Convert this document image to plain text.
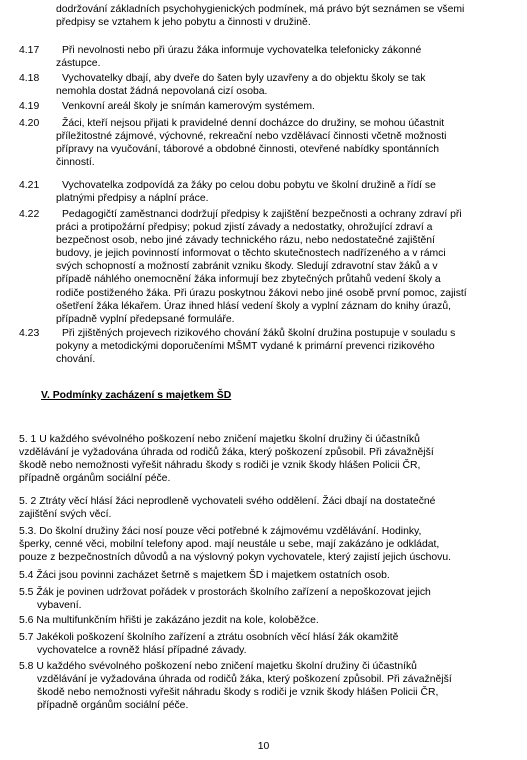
dodržování základních psychohygienických podmínek, má právo být seznámen se všemi
předpisy se vztahem k jeho pobytu a činnosti v družině.
4.17	Při nevolnosti nebo při úrazu žáka informuje vychovatelka telefonicky zákonné
zástupce.
4.18	Vychovatelky dbají, aby dveře do šaten byly uzavřeny a do objektu školy se tak
nemohla dostat žádná nepovolaná cizí osoba.
4.19	Venkovní areál školy je snímán kamerovým systémem.
4.20	Žáci, kteří nejsou přijati k pravidelné denní docházce do družiny, se mohou účastnit
příležitostné zájmové, výchovné, rekreační nebo vzdělávací činnosti včetně možnosti
přípravy na vyučování, táborové a obdobné činnosti, otevřené nabídky spontánních
činností.
4.21	Vychovatelka zodpovídá za žáky po celou dobu pobytu ve školní družině a řídí se
platnými předpisy a náplní práce.
4.22	Pedagogičtí zaměstnanci dodržují předpisy k zajištění bezpečnosti a ochrany zdraví při
práci a protipožární předpisy; pokud zjistí závady a nedostatky, ohrožující zdraví a
bezpečnost osob, nebo jiné závady technického rázu, nebo nedostatečné zajištění
budovy, je jejich povinností informovat o těchto skutečnostech nadřízeného a v rámci
svých schopností a možností zabránit vzniku škody. Sledují zdravotní stav žáků a v
případě náhlého onemocnění žáka informují bez zbytečných průtahů vedení školy a
rodiče postiženého žáka. Při úrazu poskytnou žákovi nebo jiné osobě první pomoc, zajistí
ošetření žáka lékařem. Úraz ihned hlásí vedení školy a vyplní záznam do knihy úrazů,
případně vyplní předepsané formuláře.
4.23	Při zjištěných projevech rizikového chování žáků školní družina postupuje v souladu s
pokyny a metodickými doporučeními MŠMT vydané k primární prevenci rizikového
chování.
V. Podmínky zacházení s majetkem ŠD
5. 1 U každého svévolného poškození nebo zničení majetku školní družiny či účastníků
vzdělávání je vyžadována úhrada od rodičů žáka, který poškození způsobil. Při závažnější
škodě nebo nemožnosti vyřešit náhradu škody s rodiči je vznik škody hlášen Policii ČR,
případně orgánům sociální péče.
5. 2 Ztráty věcí hlásí žáci neprodleně vychovateli svého oddělení. Žáci dbají na dostatečné
zajištění svých věcí.
5.3. Do školní družiny žáci nosí pouze věci potřebné k zájmovému vzdělávání. Hodinky,
šperky, cenné věci, mobilní telefony apod. mají neustále u sebe, mají zakázáno je odkládat,
pouze z bezpečnostních důvodů a na výslovný pokyn vychovatele, který zajistí jejich úschovu.
5.4 Žáci jsou povinni zacházet šetrně s majetkem ŠD i majetkem ostatních osob.
5.5 Žák je povinen udržovat pořádek v prostorách školního zařízení a nepoškozovat jejich
vybavení.
5.6 Na multifunkčním hřišti je zakázáno jezdit na kole, koloběžce.
5.7 Jakékoli poškození školního zařízení a ztrátu osobních věcí hlásí žák okamžitě
vychovatelce a rovněž hlásí případné závady.
5.8 U každého svévolného poškození nebo zničení majetku školní družiny či účastníků
vzdělávání je vyžadována úhrada od rodičů žáka, který poškození způsobil. Při závažnější
škodě nebo nemožnosti vyřešit náhradu škody s rodiči je vznik škody hlášen Policii ČR,
případně orgánům sociální péče.
10
